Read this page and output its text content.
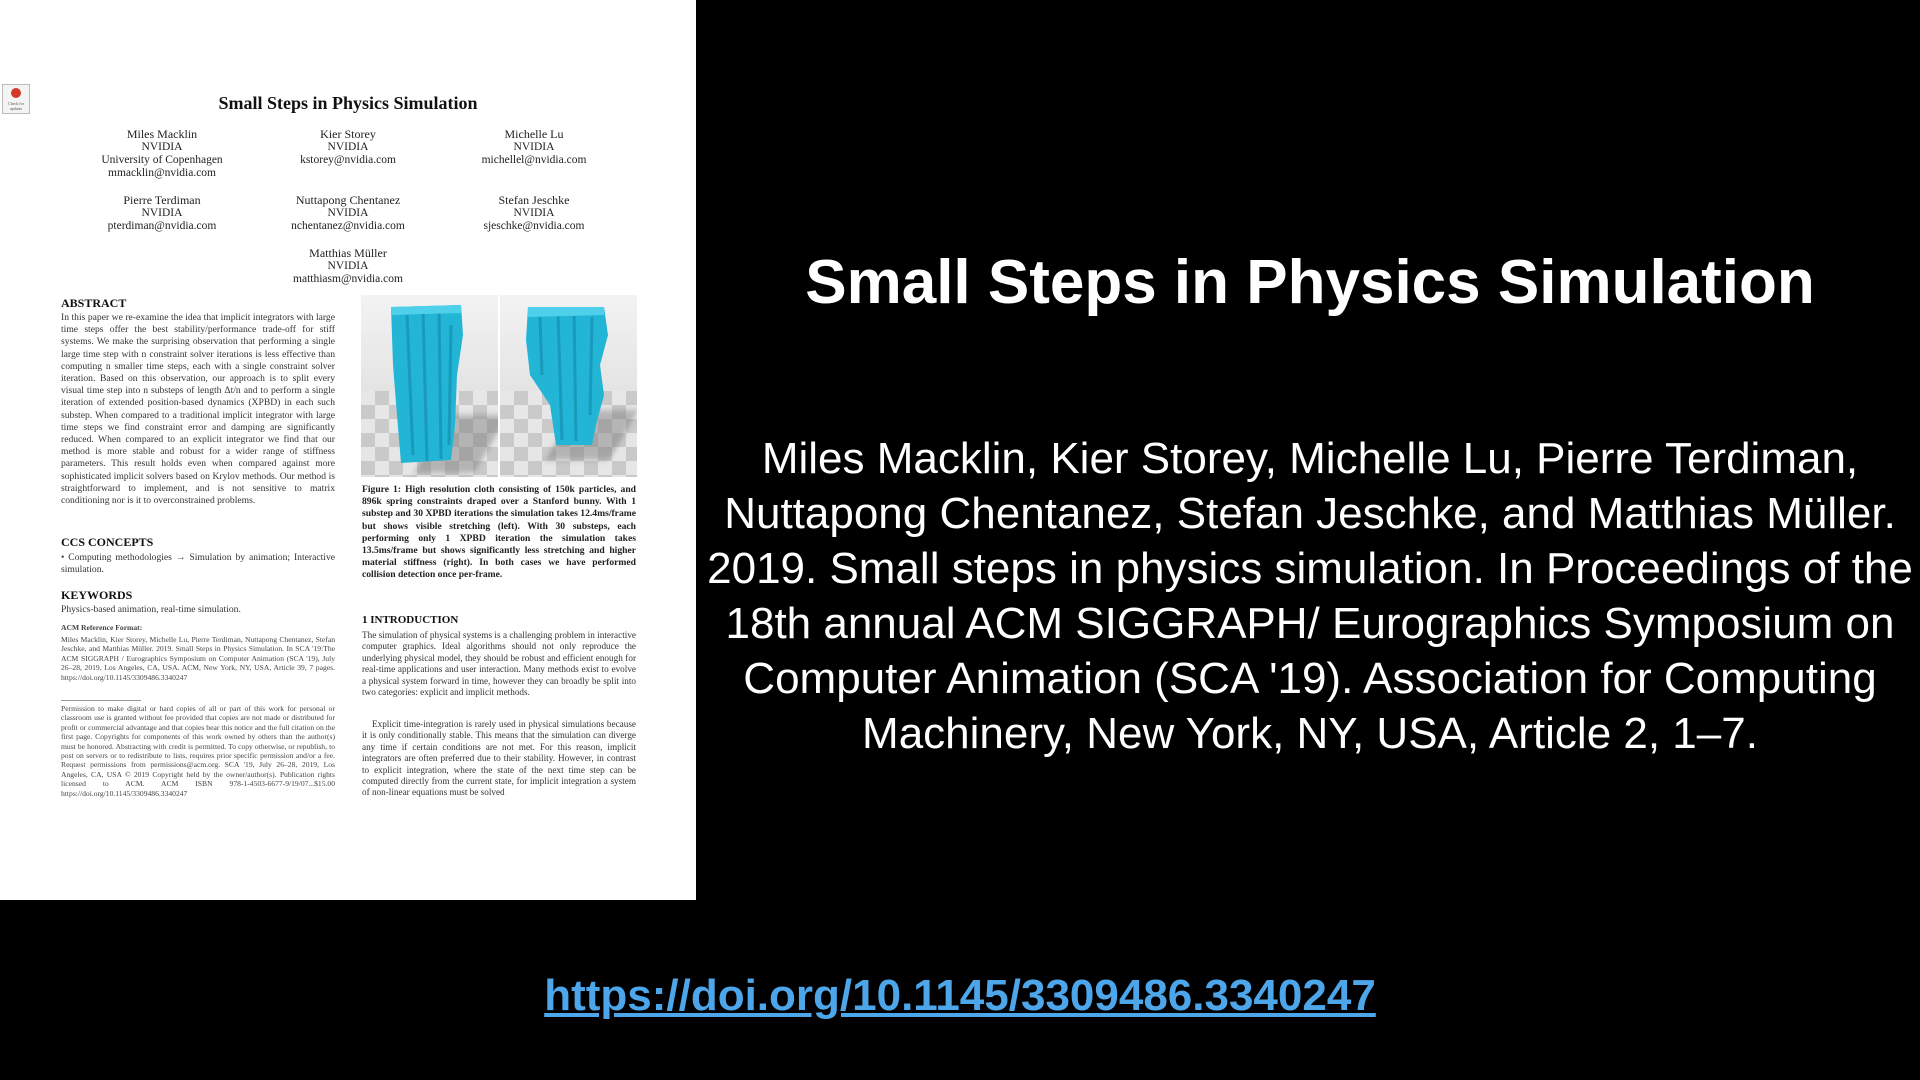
Check for updates	Small Steps in Physics Simulation
Miles Macklin
NVIDIA
University of Copenhagen
mmacklin@nvidia.com
Kier Storey
NVIDIA
kstorey@nvidia.com
Michelle Lu
NVIDIA
michellel@nvidia.com
Pierre Terdiman
NVIDIA
pterdiman@nvidia.com
Nuttapong Chentanez
NVIDIA
nchentanez@nvidia.com
Stefan Jeschke
NVIDIA
sjeschke@nvidia.com
Matthias Müller
NVIDIA
matthiasm@nvidia.com
ABSTRACT
In this paper we re-examine the idea that implicit integrators with large time steps offer the best stability/performance trade-off for stiff systems. We make the surprising observation that performing a single large time step with n constraint solver iterations is less effective than computing n smaller time steps, each with a single constraint solver iteration. Based on this observation, our approach is to split every visual time step into n substeps of length Δt/n and to perform a single iteration of extended position-based dynamics (XPBD) in each such substep. When compared to a traditional implicit integrator with large time steps we find constraint error and damping are significantly reduced. When compared to an explicit integrator we find that our method is more stable and robust for a wider range of stiffness parameters. This result holds even when compared against more sophisticated implicit solvers based on Krylov methods. Our method is straightforward to implement, and is not sensitive to matrix conditioning nor is it to overconstrained problems.
CCS CONCEPTS
• Computing methodologies → Simulation by animation; Interactive simulation.
KEYWORDS
Physics-based animation, real-time simulation.
ACM Reference Format:
Miles Macklin, Kier Storey, Michelle Lu, Pierre Terdiman, Nuttapong Chentanez, Stefan Jeschke, and Matthias Müller. 2019. Small Steps in Physics Simulation. In SCA '19:The ACM SIGGRAPH / Eurographics Symposium on Computer Animation (SCA '19), July 26–28, 2019, Los Angeles, CA, USA. ACM, New York, NY, USA, Article 39, 7 pages. https://doi.org/10.1145/3309486.3340247
Permission to make digital or hard copies of all or part of this work for personal or classroom use is granted without fee provided that copies are not made or distributed for profit or commercial advantage and that copies bear this notice and the full citation on the first page. Copyrights for components of this work owned by others than the author(s) must be honored. Abstracting with credit is permitted. To copy otherwise, or republish, to post on servers or to redistribute to lists, requires prior specific permission and/or a fee. Request permissions from permissions@acm.org. SCA '19, July 26–28, 2019, Los Angeles, CA, USA © 2019 Copyright held by the owner/author(s). Publication rights licensed to ACM. ACM ISBN 978-1-4503-6677-9/19/07...$15.00 https://doi.org/10.1145/3309486.3340247
Figure 1: High resolution cloth consisting of 150k particles, and 896k spring constraints draped over a Stanford bunny. With 1 substep and 30 XPBD iterations the simulation takes 12.4ms/frame but shows visible stretching (left). With 30 substeps, each performing only 1 XPBD iteration the simulation takes 13.5ms/frame but shows significantly less stretching and higher material stiffness (right). In both cases we have performed collision detection once per-frame.
1 INTRODUCTION
The simulation of physical systems is a challenging problem in interactive computer graphics. Ideal algorithms should not only reproduce the underlying physical model, they should be robust and efficient enough for real-time applications and user interaction. Many methods exist to evolve a physical system forward in time, however they can broadly be split into two categories: explicit and implicit methods.
Explicit time-integration is rarely used in physical simulations because it is only conditionally stable. This means that the simulation can diverge any time if certain conditions are not met. For this reason, implicit integrators are often preferred due to their stability. However, in contrast to explicit integration, where the state of the next time step can be computed directly from the current state, for implicit integration a system of non-linear equations must be solved
Small Steps in Physics Simulation
Miles Macklin, Kier Storey, Michelle Lu, Pierre Terdiman, Nuttapong Chentanez, Stefan Jeschke, and Matthias Müller. 2019. Small steps in physics simulation. In Proceedings of the 18th annual ACM SIGGRAPH/ Eurographics Symposium on Computer Animation (SCA '19). Association for Computing Machinery, New York, NY, USA, Article 2, 1–7.
https://doi.org/10.1145/3309486.3340247
